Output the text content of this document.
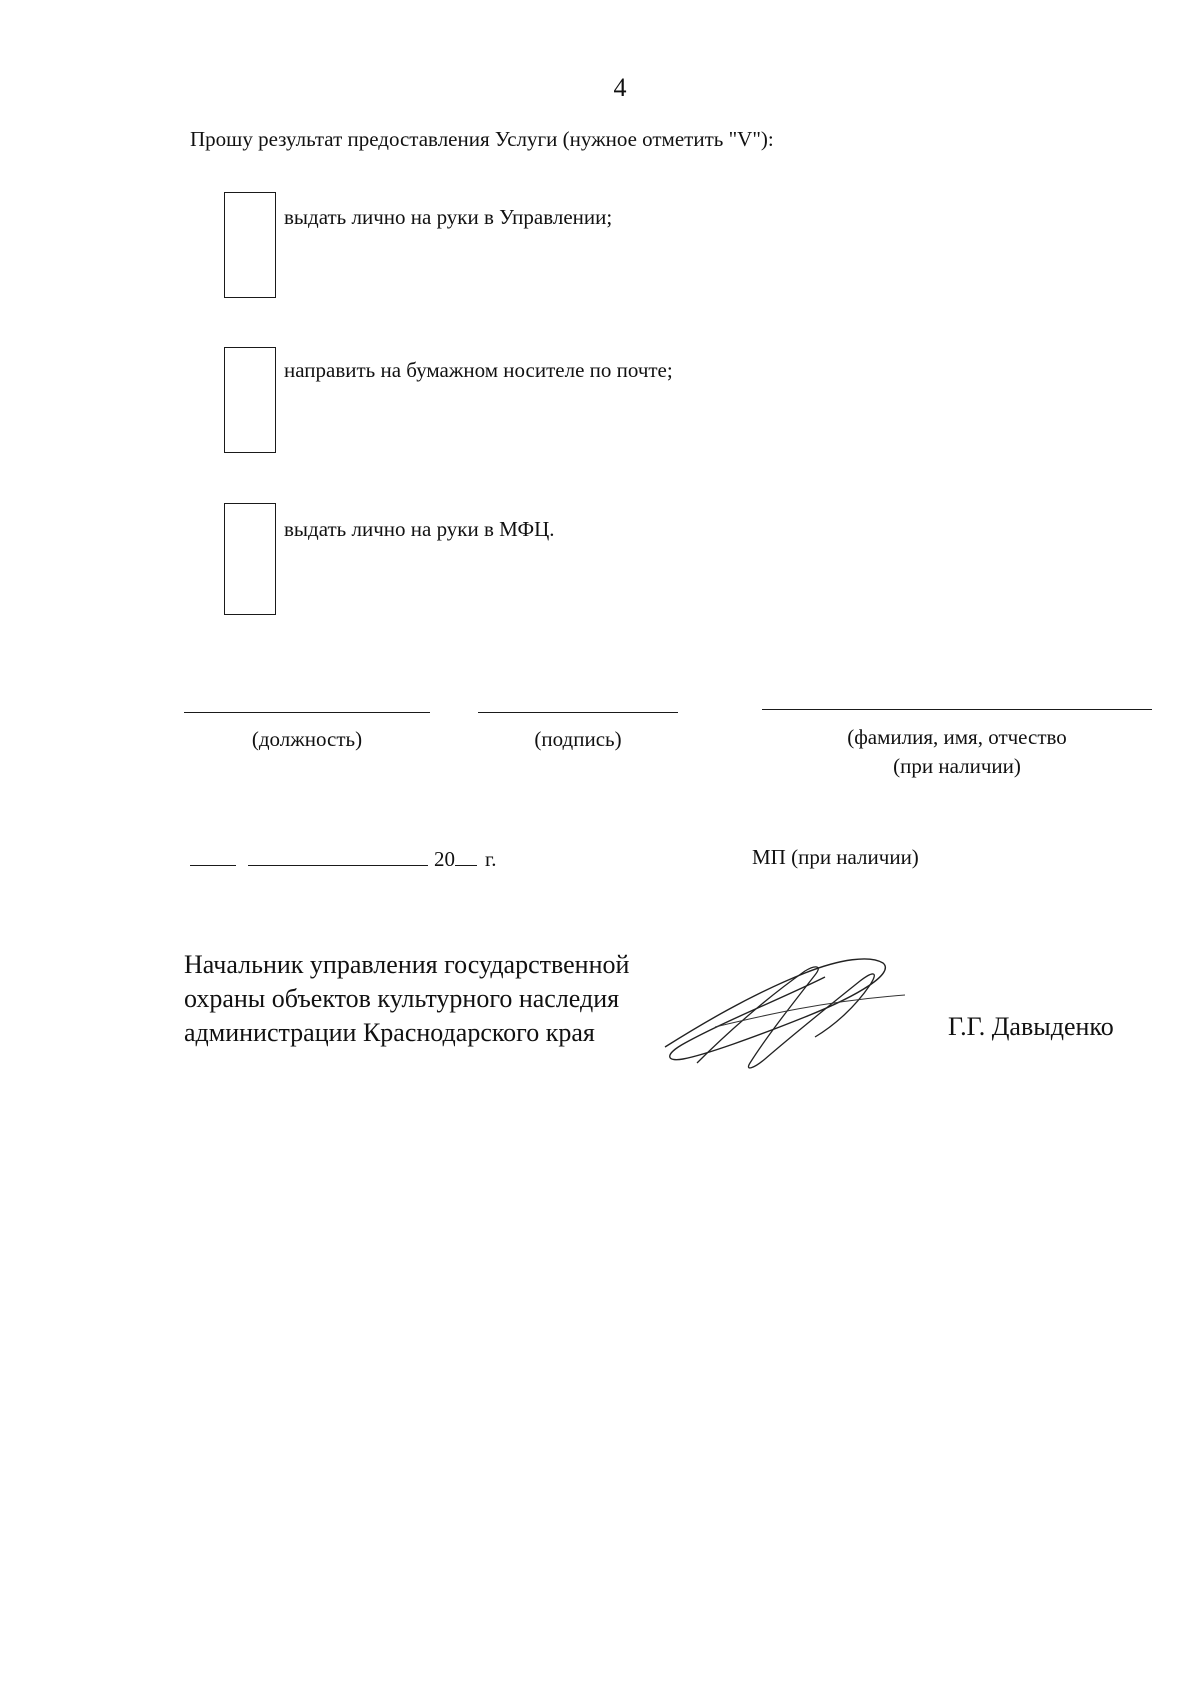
4
Прошу результат предоставления Услуги (нужное отметить "V"):
выдать лично на руки в Управлении;
направить на бумажном носителе по почте;
выдать лично на руки в МФЦ.
(должность)	(подпись)	(фамилия, имя, отчество
(при наличии)
20 г.	МП (при наличии)
Начальник управления государственной
охраны объектов культурного наследия
администрации Краснодарского края	Г.Г. Давыденко
